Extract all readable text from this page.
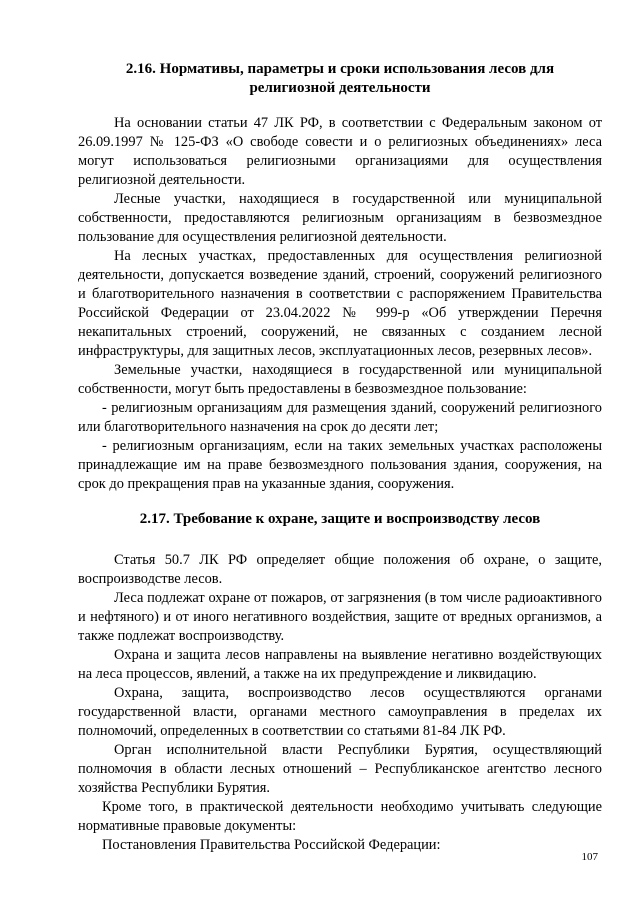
2.16. Нормативы, параметры и сроки использования лесов для

религиозной деятельности

На основании статьи 47 ЛК РФ, в соответствии с Федеральным законом от 26.09.1997 № 125-ФЗ «О свободе совести и о религиозных объединениях» леса могут использоваться религиозными организациями для осуществления религиозной деятельности.

Лесные участки, находящиеся в государственной или муниципальной собственности, предоставляются религиозным организациям в безвозмездное пользование для осуществления религиозной деятельности.

На лесных участках, предоставленных для осуществления религиозной деятельности, допускается возведение зданий, строений, сооружений религиозного и благотворительного назначения в соответствии с распоряжением Правительства Российской Федерации от 23.04.2022 № 999-р «Об утверждении Перечня некапитальных строений, сооружений, не связанных с созданием лесной инфраструктуры, для защитных лесов, эксплуатационных лесов, резервных лесов».

Земельные участки, находящиеся в государственной или муниципальной собственности, могут быть предоставлены в безвозмездное пользование:

- религиозным организациям для размещения зданий, сооружений религиозного или благотворительного назначения на срок до десяти лет;

- религиозным организациям, если на таких земельных участках расположены принадлежащие им на праве безвозмездного пользования здания, сооружения, на срок до прекращения прав на указанные здания, сооружения.

2.17. Требование к охране, защите и воспроизводству лесов

Статья 50.7 ЛК РФ определяет общие положения об охране, о защите, воспроизводстве лесов.

Леса подлежат охране от пожаров, от загрязнения (в том числе радиоактивного и нефтяного) и от иного негативного воздействия, защите от вредных организмов, а также подлежат воспроизводству.

Охрана и защита лесов направлены на выявление негативно воздействующих на леса процессов, явлений, а также на их предупреждение и ликвидацию.

Охрана, защита, воспроизводство лесов осуществляются органами государственной власти, органами местного самоуправления в пределах их полномочий, определенных в соответствии со статьями 81-84 ЛК РФ.

Орган исполнительной власти Республики Бурятия, осуществляющий полномочия в области лесных отношений – Республиканское агентство лесного хозяйства Республики Бурятия.

Кроме того, в практической деятельности необходимо учитывать следующие нормативные правовые документы:

Постановления Правительства Российской Федерации:

107
